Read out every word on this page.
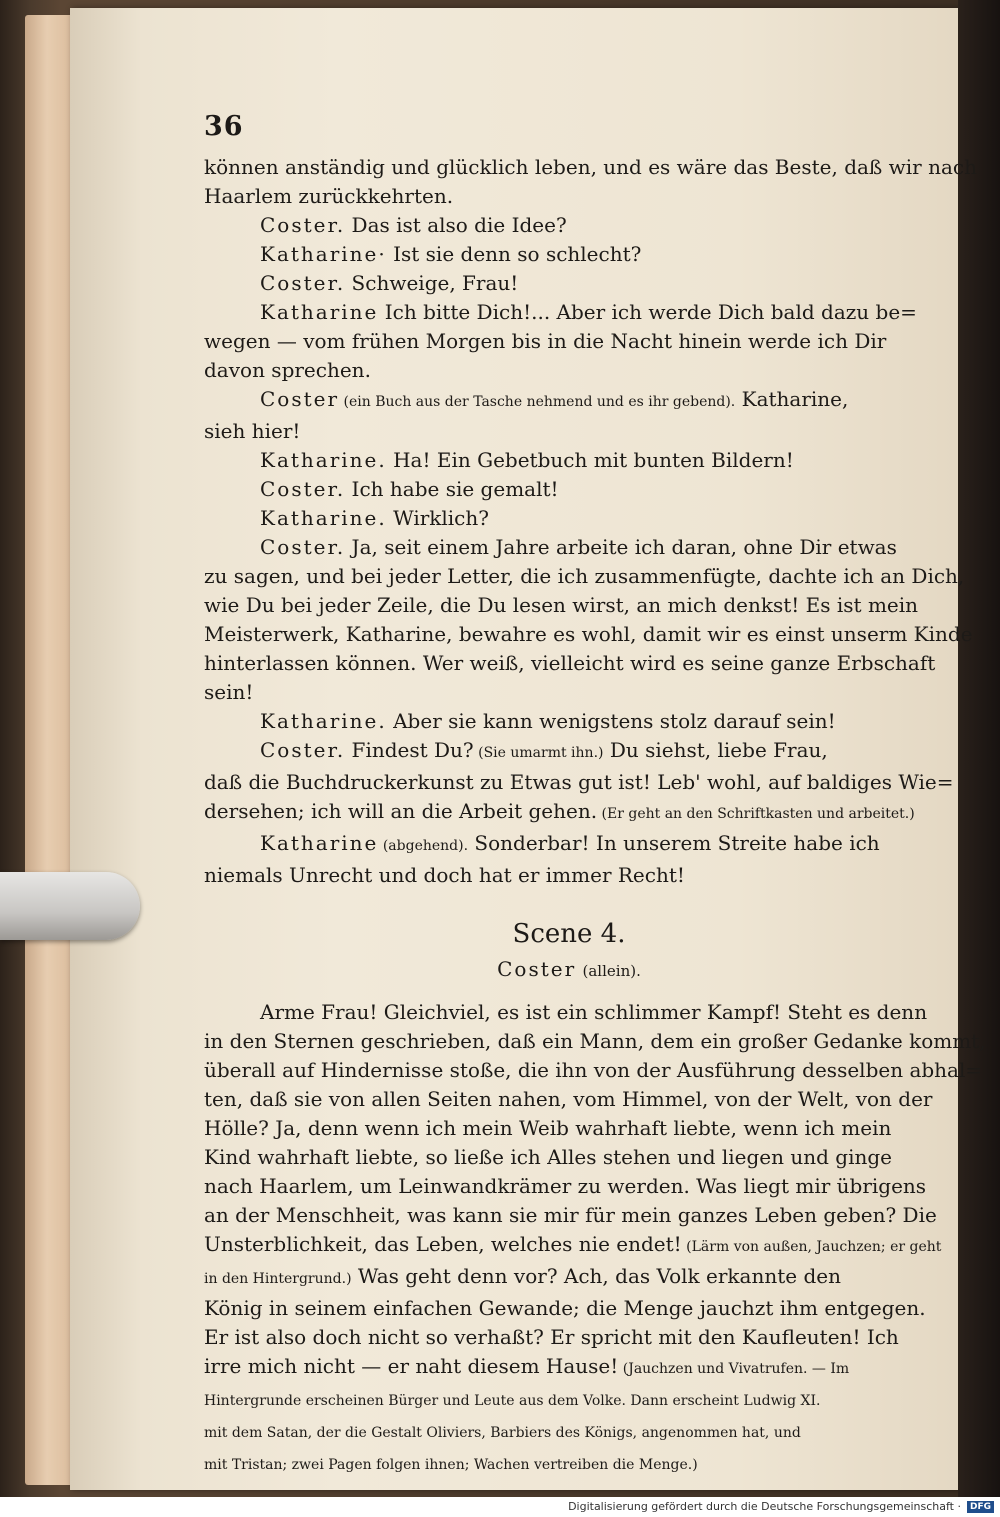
36
können anständig und glücklich leben, und es wäre das Beste, daß wir nach
Haarlem zurückkehrten.
Coster. Das ist also die Idee?
Katharine· Ist sie denn so schlecht?
Coster. Schweige, Frau!
Katharine Ich bitte Dich!... Aber ich werde Dich bald dazu be=
wegen — vom frühen Morgen bis in die Nacht hinein werde ich Dir
davon sprechen.
Coster (ein Buch aus der Tasche nehmend und es ihr gebend). Katharine,
sieh hier!
Katharine. Ha! Ein Gebetbuch mit bunten Bildern!
Coster. Ich habe sie gemalt!
Katharine. Wirklich?
Coster. Ja, seit einem Jahre arbeite ich daran, ohne Dir etwas
zu sagen, und bei jeder Letter, die ich zusammenfügte, dachte ich an Dich,
wie Du bei jeder Zeile, die Du lesen wirst, an mich denkst! Es ist mein
Meisterwerk, Katharine, bewahre es wohl, damit wir es einst unserm Kinde
hinterlassen können. Wer weiß, vielleicht wird es seine ganze Erbschaft
sein!
Katharine. Aber sie kann wenigstens stolz darauf sein!
Coster. Findest Du? (Sie umarmt ihn.) Du siehst, liebe Frau,
daß die Buchdruckerkunst zu Etwas gut ist! Leb' wohl, auf baldiges Wie=
dersehen; ich will an die Arbeit gehen. (Er geht an den Schriftkasten und arbeitet.)
Katharine (abgehend). Sonderbar! In unserem Streite habe ich
niemals Unrecht und doch hat er immer Recht!
Scene 4.
Coster (allein).
Arme Frau! Gleichviel, es ist ein schlimmer Kampf! Steht es denn
in den Sternen geschrieben, daß ein Mann, dem ein großer Gedanke kommt,
überall auf Hindernisse stoße, die ihn von der Ausführung desselben abhal=
ten, daß sie von allen Seiten nahen, vom Himmel, von der Welt, von der
Hölle? Ja, denn wenn ich mein Weib wahrhaft liebte, wenn ich mein
Kind wahrhaft liebte, so ließe ich Alles stehen und liegen und ginge
nach Haarlem, um Leinwandkrämer zu werden. Was liegt mir übrigens
an der Menschheit, was kann sie mir für mein ganzes Leben geben? Die
Unsterblichkeit, das Leben, welches nie endet! (Lärm von außen, Jauchzen; er geht
in den Hintergrund.) Was geht denn vor? Ach, das Volk erkannte den
König in seinem einfachen Gewande; die Menge jauchzt ihm entgegen.
Er ist also doch nicht so verhaßt? Er spricht mit den Kaufleuten! Ich
irre mich nicht — er naht diesem Hause! (Jauchzen und Vivatrufen. — Im
Hintergrunde erscheinen Bürger und Leute aus dem Volke. Dann erscheint Ludwig XI.
mit dem Satan, der die Gestalt Oliviers, Barbiers des Königs, angenommen hat, und
mit Tristan; zwei Pagen folgen ihnen; Wachen vertreiben die Menge.)
Digitalisierung gefördert durch die Deutsche Forschungsgemeinschaft · DFG
